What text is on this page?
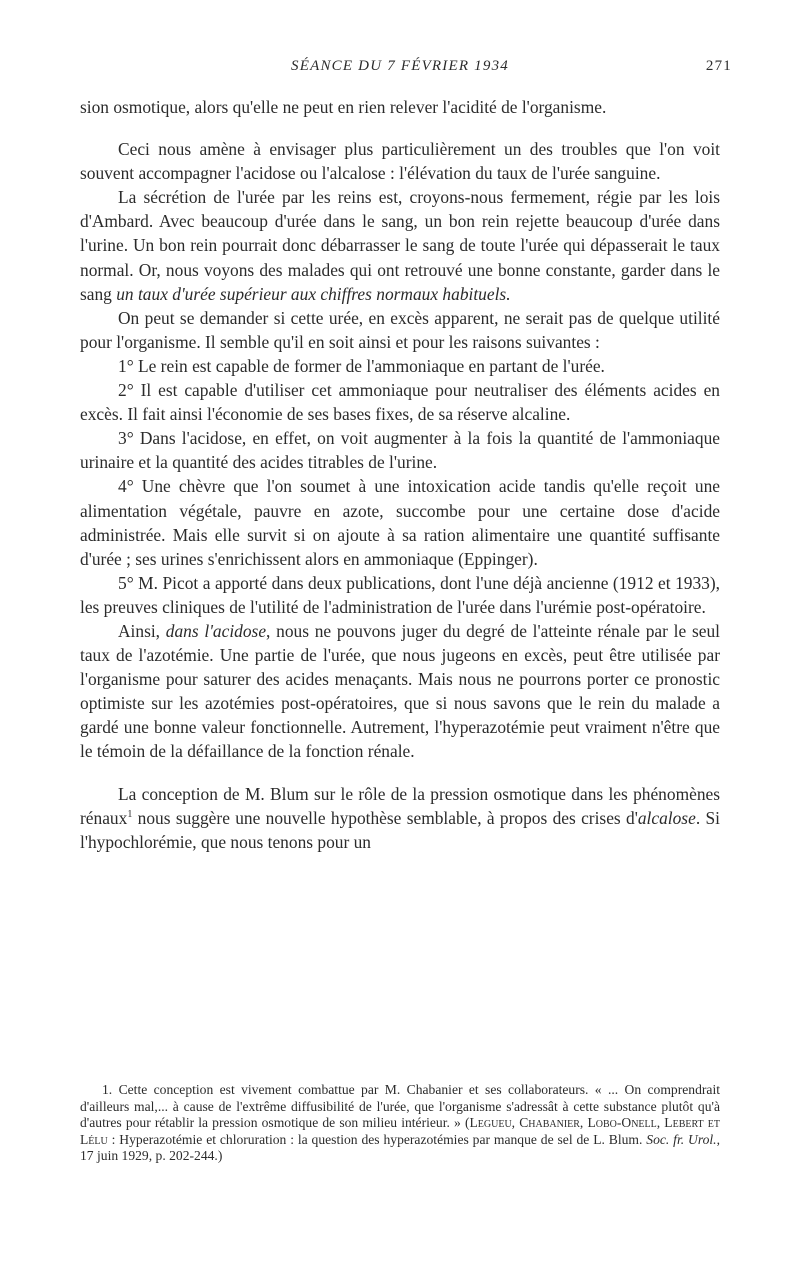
SÉANCE DU 7 FÉVRIER 1934	271

sion osmotique, alors qu'elle ne peut en rien relever l'acidité de l'organisme.

Ceci nous amène à envisager plus particulièrement un des troubles que l'on voit souvent accompagner l'acidose ou l'alcalose : l'élévation du taux de l'urée sanguine.

La sécrétion de l'urée par les reins est, croyons-nous fermement, régie par les lois d'Ambard. Avec beaucoup d'urée dans le sang, un bon rein rejette beaucoup d'urée dans l'urine. Un bon rein pourrait donc débarrasser le sang de toute l'urée qui dépasserait le taux normal. Or, nous voyons des malades qui ont retrouvé une bonne constante, garder dans le sang un taux d'urée supérieur aux chiffres normaux habituels.

On peut se demander si cette urée, en excès apparent, ne serait pas de quelque utilité pour l'organisme. Il semble qu'il en soit ainsi et pour les raisons suivantes :

1° Le rein est capable de former de l'ammoniaque en partant de l'urée.

2° Il est capable d'utiliser cet ammoniaque pour neutraliser des éléments acides en excès. Il fait ainsi l'économie de ses bases fixes, de sa réserve alcaline.

3° Dans l'acidose, en effet, on voit augmenter à la fois la quantité de l'ammoniaque urinaire et la quantité des acides titrables de l'urine.

4° Une chèvre que l'on soumet à une intoxication acide tandis qu'elle reçoit une alimentation végétale, pauvre en azote, succombe pour une certaine dose d'acide administrée. Mais elle survit si on ajoute à sa ration alimentaire une quantité suffisante d'urée ; ses urines s'enrichissent alors en ammoniaque (Eppinger).

5° M. Picot a apporté dans deux publications, dont l'une déjà ancienne (1912 et 1933), les preuves cliniques de l'utilité de l'administration de l'urée dans l'urémie post-opératoire.

Ainsi, dans l'acidose, nous ne pouvons juger du degré de l'atteinte rénale par le seul taux de l'azotémie. Une partie de l'urée, que nous jugeons en excès, peut être utilisée par l'organisme pour saturer des acides menaçants. Mais nous ne pourrons porter ce pronostic optimiste sur les azotémies post-opératoires, que si nous savons que le rein du malade a gardé une bonne valeur fonctionnelle. Autrement, l'hyperazotémie peut vraiment n'être que le témoin de la défaillance de la fonction rénale.

La conception de M. Blum sur le rôle de la pression osmotique dans les phénomènes rénaux$^1$ nous suggère une nouvelle hypothèse semblable, à propos des crises d'alcalose. Si l'hypochlorémie, que nous tenons pour un

1. Cette conception est vivement combattue par M. Chabanier et ses collaborateurs. « ... On comprendrait d'ailleurs mal,... à cause de l'extrême diffusibilité de l'urée, que l'organisme s'adressât à cette substance plutôt qu'à d'autres pour rétablir la pression osmotique de son milieu intérieur. » (Legueu, Chabanier, Lobo-Onell, Lebert et Lélu : Hyperazotémie et chloruration : la question des hyperazotémies par manque de sel de L. Blum. Soc. fr. Urol., 17 juin 1929, p. 202-244.)
